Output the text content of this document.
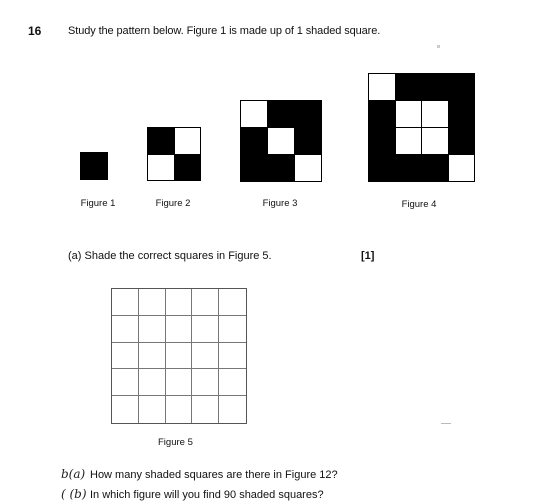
16 Study the pattern below. Figure 1 is made up of 1 shaded square.
Figure 1	Figure 2	Figure 3	Figure 4
(a) Shade the correct squares in Figure 5.	[1]
Figure 5
b(a) How many shaded squares are there in Figure 12?
( (b) In which figure will you find 90 shaded squares?
